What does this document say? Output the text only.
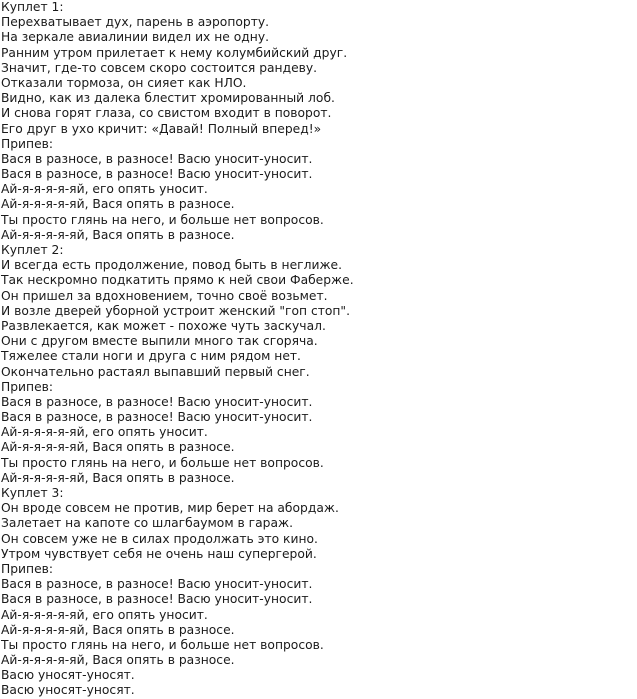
Куплет 1:
Перехватывает дух, парень в аэропорту.
На зеркале авиалинии видел их не одну.
Ранним утром прилетает к нему колумбийский друг.
Значит, где-то совсем скоро состоится рандеву.
Отказали тормоза, он сияет как НЛО.
Видно, как из далека блестит хромированный лоб.
И снова горят глаза, со свистом входит в поворот.
Его друг в ухо кричит: «Давай! Полный вперед!»
Припев:
Вася в разносе, в разносе! Васю уносит-уносит.
Вася в разносе, в разносе! Васю уносит-уносит.
Ай-я-я-я-я-яй, его опять уносит.
Ай-я-я-я-я-яй, Вася опять в разносе.
Ты просто глянь на него, и больше нет вопросов.
Ай-я-я-я-я-яй, Вася опять в разносе.
Куплет 2:
И всегда есть продолжение, повод быть в неглиже.
Так нескромно подкатить прямо к ней свои Фаберже.
Он пришел за вдохновением, точно своё возьмет.
И возле дверей уборной устроит женский "гоп стоп".
Развлекается, как может - похоже чуть заскучал.
Они с другом вместе выпили много так сгоряча.
Тяжелее стали ноги и друга с ним рядом нет.
Окончательно растаял выпавший первый снег.
Припев:
Вася в разносе, в разносе! Васю уносит-уносит.
Вася в разносе, в разносе! Васю уносит-уносит.
Ай-я-я-я-я-яй, его опять уносит.
Ай-я-я-я-я-яй, Вася опять в разносе.
Ты просто глянь на него, и больше нет вопросов.
Ай-я-я-я-я-яй, Вася опять в разносе.
Куплет 3:
Он вроде совсем не против, мир берет на абордаж.
Залетает на капоте со шлагбаумом в гараж.
Он совсем уже не в силах продолжать это кино.
Утром чувствует себя не очень наш супергерой.
Припев:
Вася в разносе, в разносе! Васю уносит-уносит.
Вася в разносе, в разносе! Васю уносит-уносит.
Ай-я-я-я-я-яй, его опять уносит.
Ай-я-я-я-я-яй, Вася опять в разносе.
Ты просто глянь на него, и больше нет вопросов.
Ай-я-я-я-я-яй, Вася опять в разносе.
Васю уносят-уносят.
Васю уносят-уносят.
